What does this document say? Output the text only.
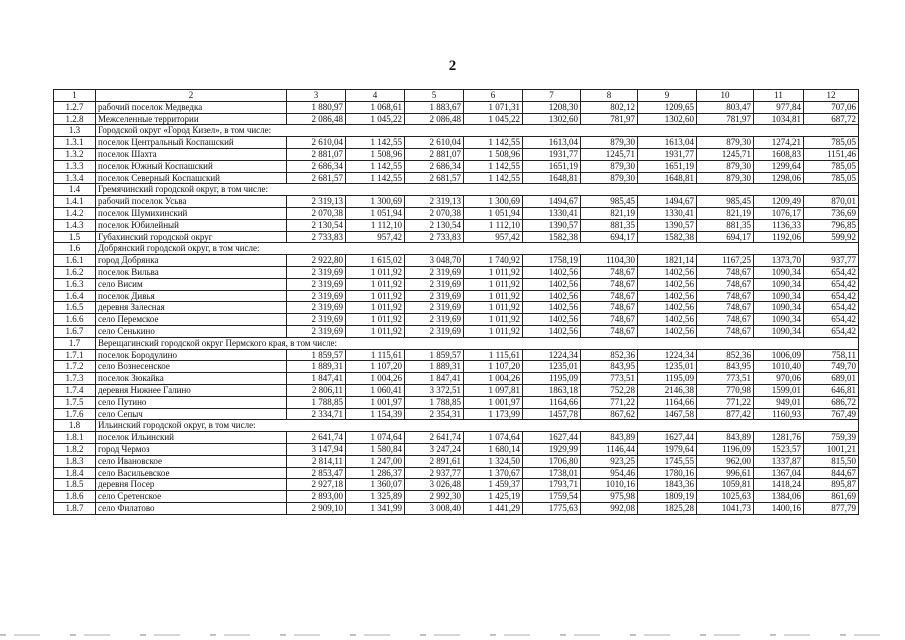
2
1	2	3	4	5	6	7	8	9	10	11	12
1.2.7	рабочий поселок Медведка	1 880,97	1 068,61	1 883,67	1 071,31	1208,30	802,12	1209,65	803,47	977,84	707,06
1.2.8	Межселенные территории	2 086,48	1 045,22	2 086,48	1 045,22	1302,60	781,97	1302,60	781,97	1034,81	687,72
1.3	Городской округ «Город Кизел», в том числе:										
1.3.1	поселок Центральный Коспашский	2 610,04	1 142,55	2 610,04	1 142,55	1613,04	879,30	1613,04	879,30	1274,21	785,05
1.3.2	поселок Шахта	2 881,07	1 508,96	2 881,07	1 508,96	1931,77	1245,71	1931,77	1245,71	1608,83	1151,46
1.3.3	поселок Южный Коспашский	2 686,34	1 142,55	2 686,34	1 142,55	1651,19	879,30	1651,19	879,30	1299,64	785,05
1.3.4	поселок Северный Коспашский	2 681,57	1 142,55	2 681,57	1 142,55	1648,81	879,30	1648,81	879,30	1298,06	785,05
1.4	Гремячинский городской округ, в том числе:										
1.4.1	рабочий поселок Усьва	2 319,13	1 300,69	2 319,13	1 300,69	1494,67	985,45	1494,67	985,45	1209,49	870,01
1.4.2	поселок Шумихинский	2 070,38	1 051,94	2 070,38	1 051,94	1330,41	821,19	1330,41	821,19	1076,17	736,69
1.4.3	поселок Юбилейный	2 130,54	1 112,10	2 130,54	1 112,10	1390,57	881,35	1390,57	881,35	1136,33	796,85
1.5	Губахинский городской округ	2 733,83	957,42	2 733,83	957,42	1582,38	694,17	1582,38	694,17	1192,06	599,92
1.6	Добрянский городской округ, в том числе:										
1.6.1	город Добрянка	2 922,80	1 615,02	3 048,70	1 740,92	1758,19	1104,30	1821,14	1167,25	1373,70	937,77
1.6.2	поселок Вильва	2 319,69	1 011,92	2 319,69	1 011,92	1402,56	748,67	1402,56	748,67	1090,34	654,42
1.6.3	село Висим	2 319,69	1 011,92	2 319,69	1 011,92	1402,56	748,67	1402,56	748,67	1090,34	654,42
1.6.4	поселок Дивья	2 319,69	1 011,92	2 319,69	1 011,92	1402,56	748,67	1402,56	748,67	1090,34	654,42
1.6.5	деревня Залесная	2 319,69	1 011,92	2 319,69	1 011,92	1402,56	748,67	1402,56	748,67	1090,34	654,42
1.6.6	село Перемское	2 319,69	1 011,92	2 319,69	1 011,92	1402,56	748,67	1402,56	748,67	1090,34	654,42
1.6.7	село Сенькино	2 319,69	1 011,92	2 319,69	1 011,92	1402,56	748,67	1402,56	748,67	1090,34	654,42
1.7	Верещагинский городской округ Пермского края, в том числе:										
1.7.1	поселок Бородулино	1 859,57	1 115,61	1 859,57	1 115,61	1224,34	852,36	1224,34	852,36	1006,09	758,11
1.7.2	село Вознесенское	1 889,31	1 107,20	1 889,31	1 107,20	1235,01	843,95	1235,01	843,95	1010,40	749,70
1.7.3	поселок Зюкайка	1 847,41	1 004,26	1 847,41	1 004,26	1195,09	773,51	1195,09	773,51	970,06	689,01
1.7.4	деревня Нижнее Галино	2 806,11	1 060,41	3 372,51	1 097,81	1863,18	752,28	2146,38	770,98	1599,01	646,81
1.7.5	село Путино	1 788,85	1 001,97	1 788,85	1 001,97	1164,66	771,22	1164,66	771,22	949,01	686,72
1.7.6	село Сепыч	2 334,71	1 154,39	2 354,31	1 173,99	1457,78	867,62	1467,58	877,42	1160,93	767,49
1.8	Ильинский городской округ, в том числе:										
1.8.1	поселок Ильинский	2 641,74	1 074,64	2 641,74	1 074,64	1627,44	843,89	1627,44	843,89	1281,76	759,39
1.8.2	город Чермоз	3 147,94	1 580,84	3 247,24	1 680,14	1929,99	1146,44	1979,64	1196,09	1523,57	1001,21
1.8.3	село Ивановское	2 814,11	1 247,00	2 891,61	1 324,50	1706,80	923,25	1745,55	962,00	1337,87	815,50
1.8.4	село Васильевское	2 853,47	1 286,37	2 937,77	1 370,67	1738,01	954,46	1780,16	996,61	1367,04	844,67
1.8.5	деревня Посер	2 927,18	1 360,07	3 026,48	1 459,37	1793,71	1010,16	1843,36	1059,81	1418,24	895,87
1.8.6	село Сретенское	2 893,00	1 325,89	2 992,30	1 425,19	1759,54	975,98	1809,19	1025,63	1384,06	861,69
1.8.7	село Филатово	2 909,10	1 341,99	3 008,40	1 441,29	1775,63	992,08	1825,28	1041,73	1400,16	877,79
